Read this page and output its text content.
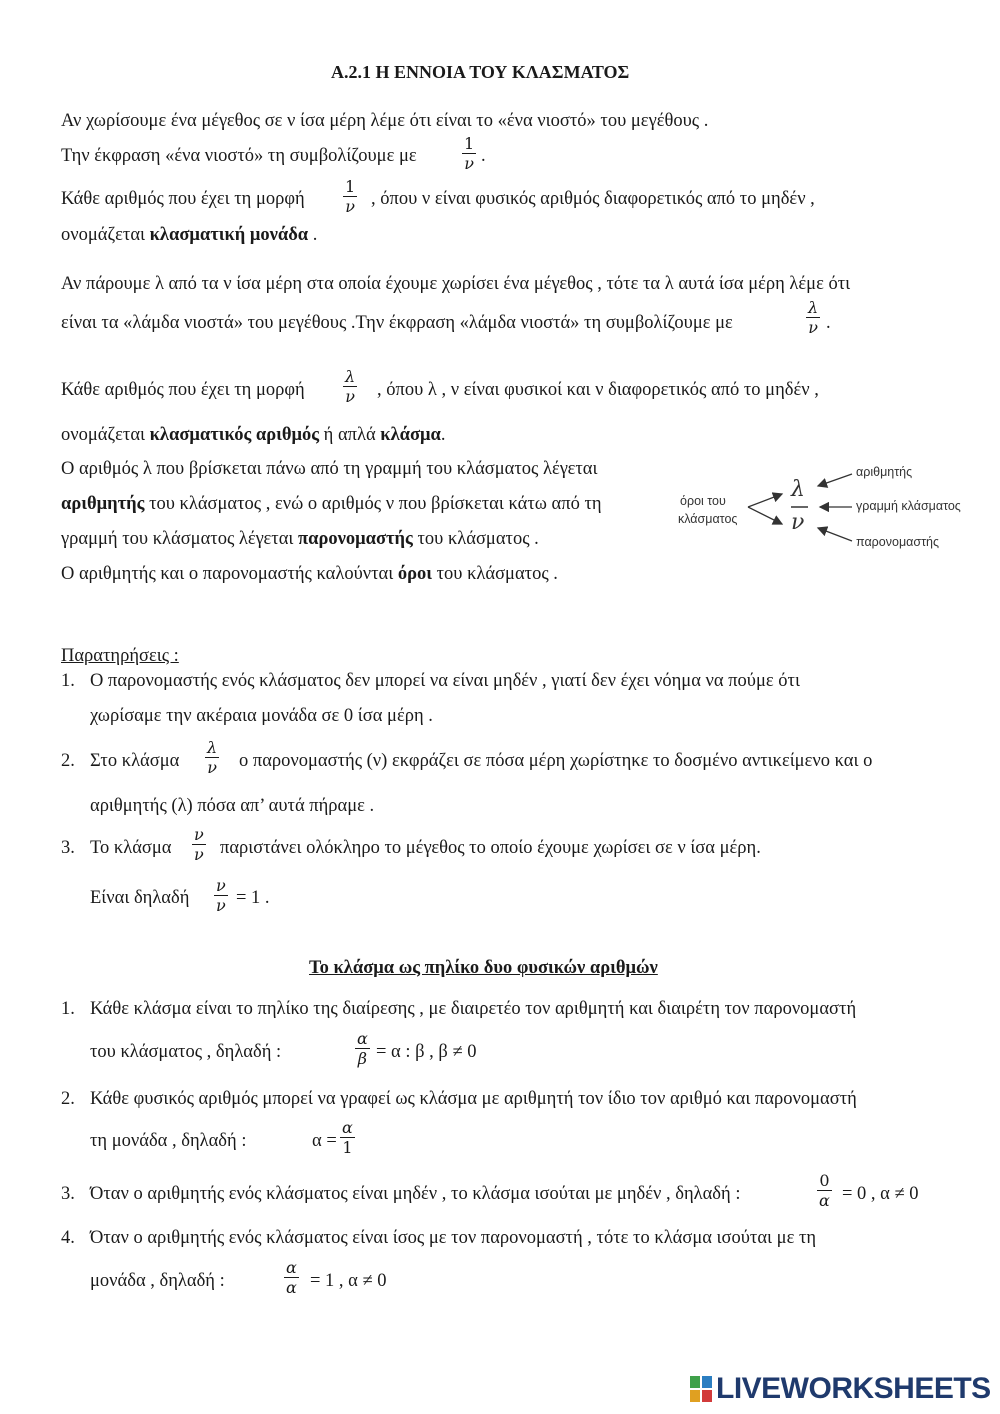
Α.2.1 Η ΕΝΝΟΙΑ ΤΟΥ ΚΛΑΣΜΑΤΟΣ
Αν χωρίσουμε ένα μέγεθος σε ν ίσα μέρη λέμε ότι είναι το «ένα νιοστό» του μεγέθους .
Την έκφραση «ένα νιοστό» τη συμβολίζουμε με
1
ν .
Κάθε αριθμός που έχει τη μορφή
1
ν , όπου ν είναι φυσικός αριθμός διαφορετικός από το μηδέν ,
ονομάζεται κλασματική μονάδα .
Αν πάρουμε λ από τα ν ίσα μέρη στα οποία έχουμε χωρίσει ένα μέγεθος , τότε τα λ αυτά ίσα μέρη λέμε ότι
είναι τα «λάμδα νιοστά» του μεγέθους .Την έκφραση «λάμδα νιοστά» τη συμβολίζουμε με
λ
ν .
Κάθε αριθμός που έχει τη μορφή
λ
ν , όπου λ , ν είναι φυσικοί και ν διαφορετικός από το μηδέν ,
ονομάζεται κλασματικός αριθμός ή απλά κλάσμα.
Ο αριθμός λ που βρίσκεται πάνω από τη γραμμή του κλάσματος λέγεται
αριθμητής του κλάσματος , ενώ ο αριθμός ν που βρίσκεται κάτω από τη
γραμμή του κλάσματος λέγεται παρονομαστής του κλάσματος .
Ο αριθμητής και ο παρονομαστής καλούνται όροι του κλάσματος .
όροι του
κλάσματος
λ
ν
αριθμητής
γραμμή κλάσματος
παρονομαστής
Παρατηρήσεις :
1. Ο παρονομαστής ενός κλάσματος δεν μπορεί να είναι μηδέν , γιατί δεν έχει νόημα να πούμε ότι
χωρίσαμε την ακέραια μονάδα σε 0 ίσα μέρη .
2. Στο κλάσμα
λ
ν ο παρονομαστής (ν) εκφράζει σε πόσα μέρη χωρίστηκε το δοσμένο αντικείμενο και ο
αριθμητής (λ) πόσα απ’ αυτά πήραμε .
3. Το κλάσμα
ν
ν παριστάνει ολόκληρο το μέγεθος το οποίο έχουμε χωρίσει σε ν ίσα μέρη.
Είναι δηλαδή
ν
ν = 1 .
Το κλάσμα ως πηλίκο δυο φυσικών αριθμών
1. Κάθε κλάσμα είναι το πηλίκο της διαίρεσης , με διαιρετέο τον αριθμητή και διαιρέτη τον παρονομαστή
του κλάσματος , δηλαδή :
α
β = α : β , β ≠ 0
2. Κάθε φυσικός αριθμός μπορεί να γραφεί ως κλάσμα με αριθμητή τον ίδιο τον αριθμό και παρονομαστή
τη μονάδα , δηλαδή :	α =
α
1
3. Όταν ο αριθμητής ενός κλάσματος είναι μηδέν , το κλάσμα ισούται με μηδέν , δηλαδή :
0
α = 0 , α ≠ 0
4. Όταν ο αριθμητής ενός κλάσματος είναι ίσος με τον παρονομαστή , τότε το κλάσμα ισούται με τη
μονάδα , δηλαδή :
α
α = 1 , α ≠ 0
LIVEWORKSHEETS
